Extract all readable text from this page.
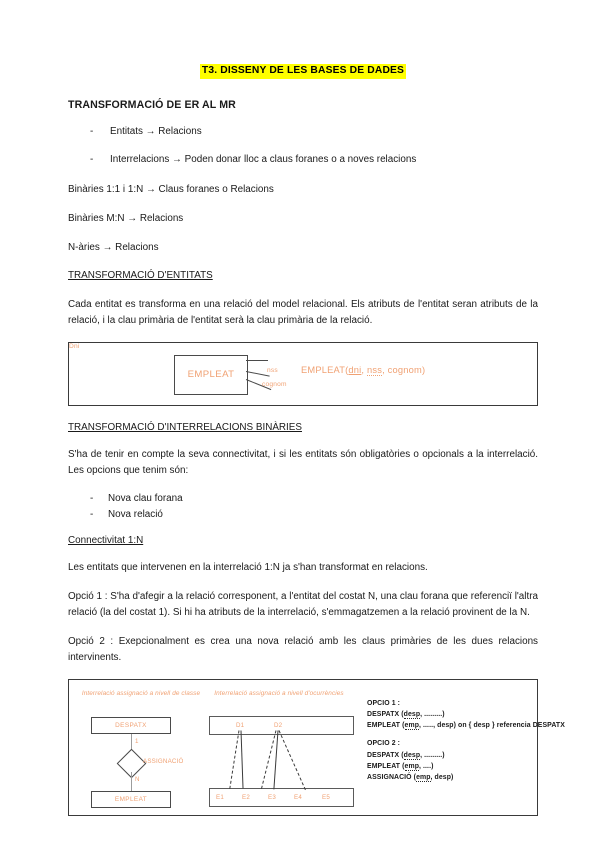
T3. DISSENY DE LES BASES DE DADES
TRANSFORMACIÓ DE ER AL MR
- Entitats → Relacions
- Interrelacions → Poden donar lloc a claus foranes o a noves relacions

Binàries 1:1 i 1:N → Claus foranes o Relacions

Binàries M:N → Relacions

N-àries → Relacions

TRANSFORMACIÓ D'ENTITATS

Cada entitat es transforma en una relació del model relacional. Els atributs de l'entitat seran atributs de la relació, i la clau primària de l'entitat serà la clau primària de la relació.

EMPLEAT
Dni
nss
cognom
EMPLEAT(dni, nss, cognom)
TRANSFORMACIÓ D'INTERRELACIONS BINÀRIES

S'ha de tenir en compte la seva connectivitat, i si les entitats són obligatòries o opcionals a la interrelació. Les opcions que tenim són:

- Nova clau forana
- Nova relació
Connectivitat 1:N

Les entitats que intervenen en la interrelació 1:N ja s'han transformat en relacions.

Opció 1 : S'ha d'afegir a la relació corresponent, a l'entitat del costat N, una clau forana que referenciï l'altra relació (la del costat 1). Si hi ha atributs de la interrelació, s'emmagatzemen a la relació provinent de la N.

Opció 2 : Exepcionalment es crea una nova relació amb les claus primàries de les dues relacions intervinents.

Interrelació assignació a nivell de classe	Interrelació assignació a nivell d'ocurrències
DESPATX
EMPLEAT
1
N
ASSIGNACIÓ
D1	D2
E1	E2	E3	E4	E5
OPCIO 1 :
DESPATX (desp, .........)
EMPLEAT (emp, ....., desp) on { desp } referencia DESPATX
OPCIO 2 :
DESPATX (desp, .........)
EMPLEAT (emp, ....)
ASSIGNACIÓ (emp, desp)
